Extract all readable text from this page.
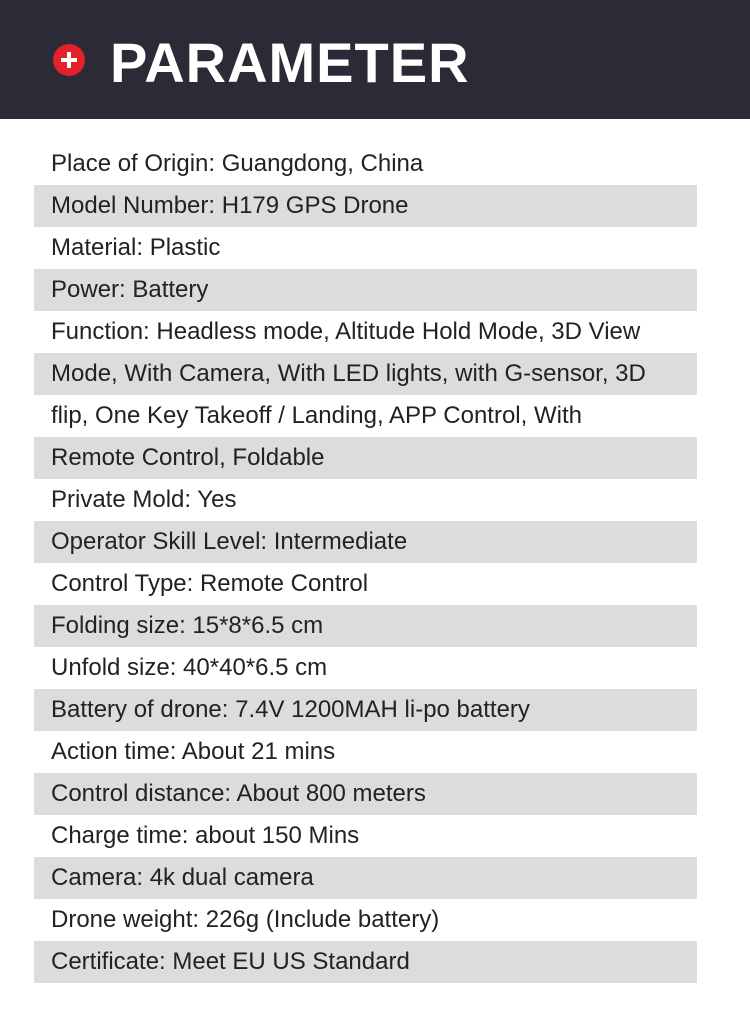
PARAMETER
Place of Origin: Guangdong, China
Model Number: H179 GPS Drone
Material: Plastic
Power: Battery
Function: Headless mode, Altitude Hold Mode, 3D View
Mode, With Camera, With LED lights, with G-sensor, 3D
flip, One Key Takeoff / Landing, APP Control, With
Remote Control, Foldable
Private Mold: Yes
Operator Skill Level: Intermediate
Control Type: Remote Control
Folding size: 15*8*6.5 cm
Unfold size: 40*40*6.5 cm
Battery of drone: 7.4V 1200MAH li-po battery
Action time: About 21 mins
Control distance: About 800 meters
Charge time: about 150 Mins
Camera: 4k dual camera
Drone weight: 226g (Include battery)
Certificate: Meet EU US Standard
